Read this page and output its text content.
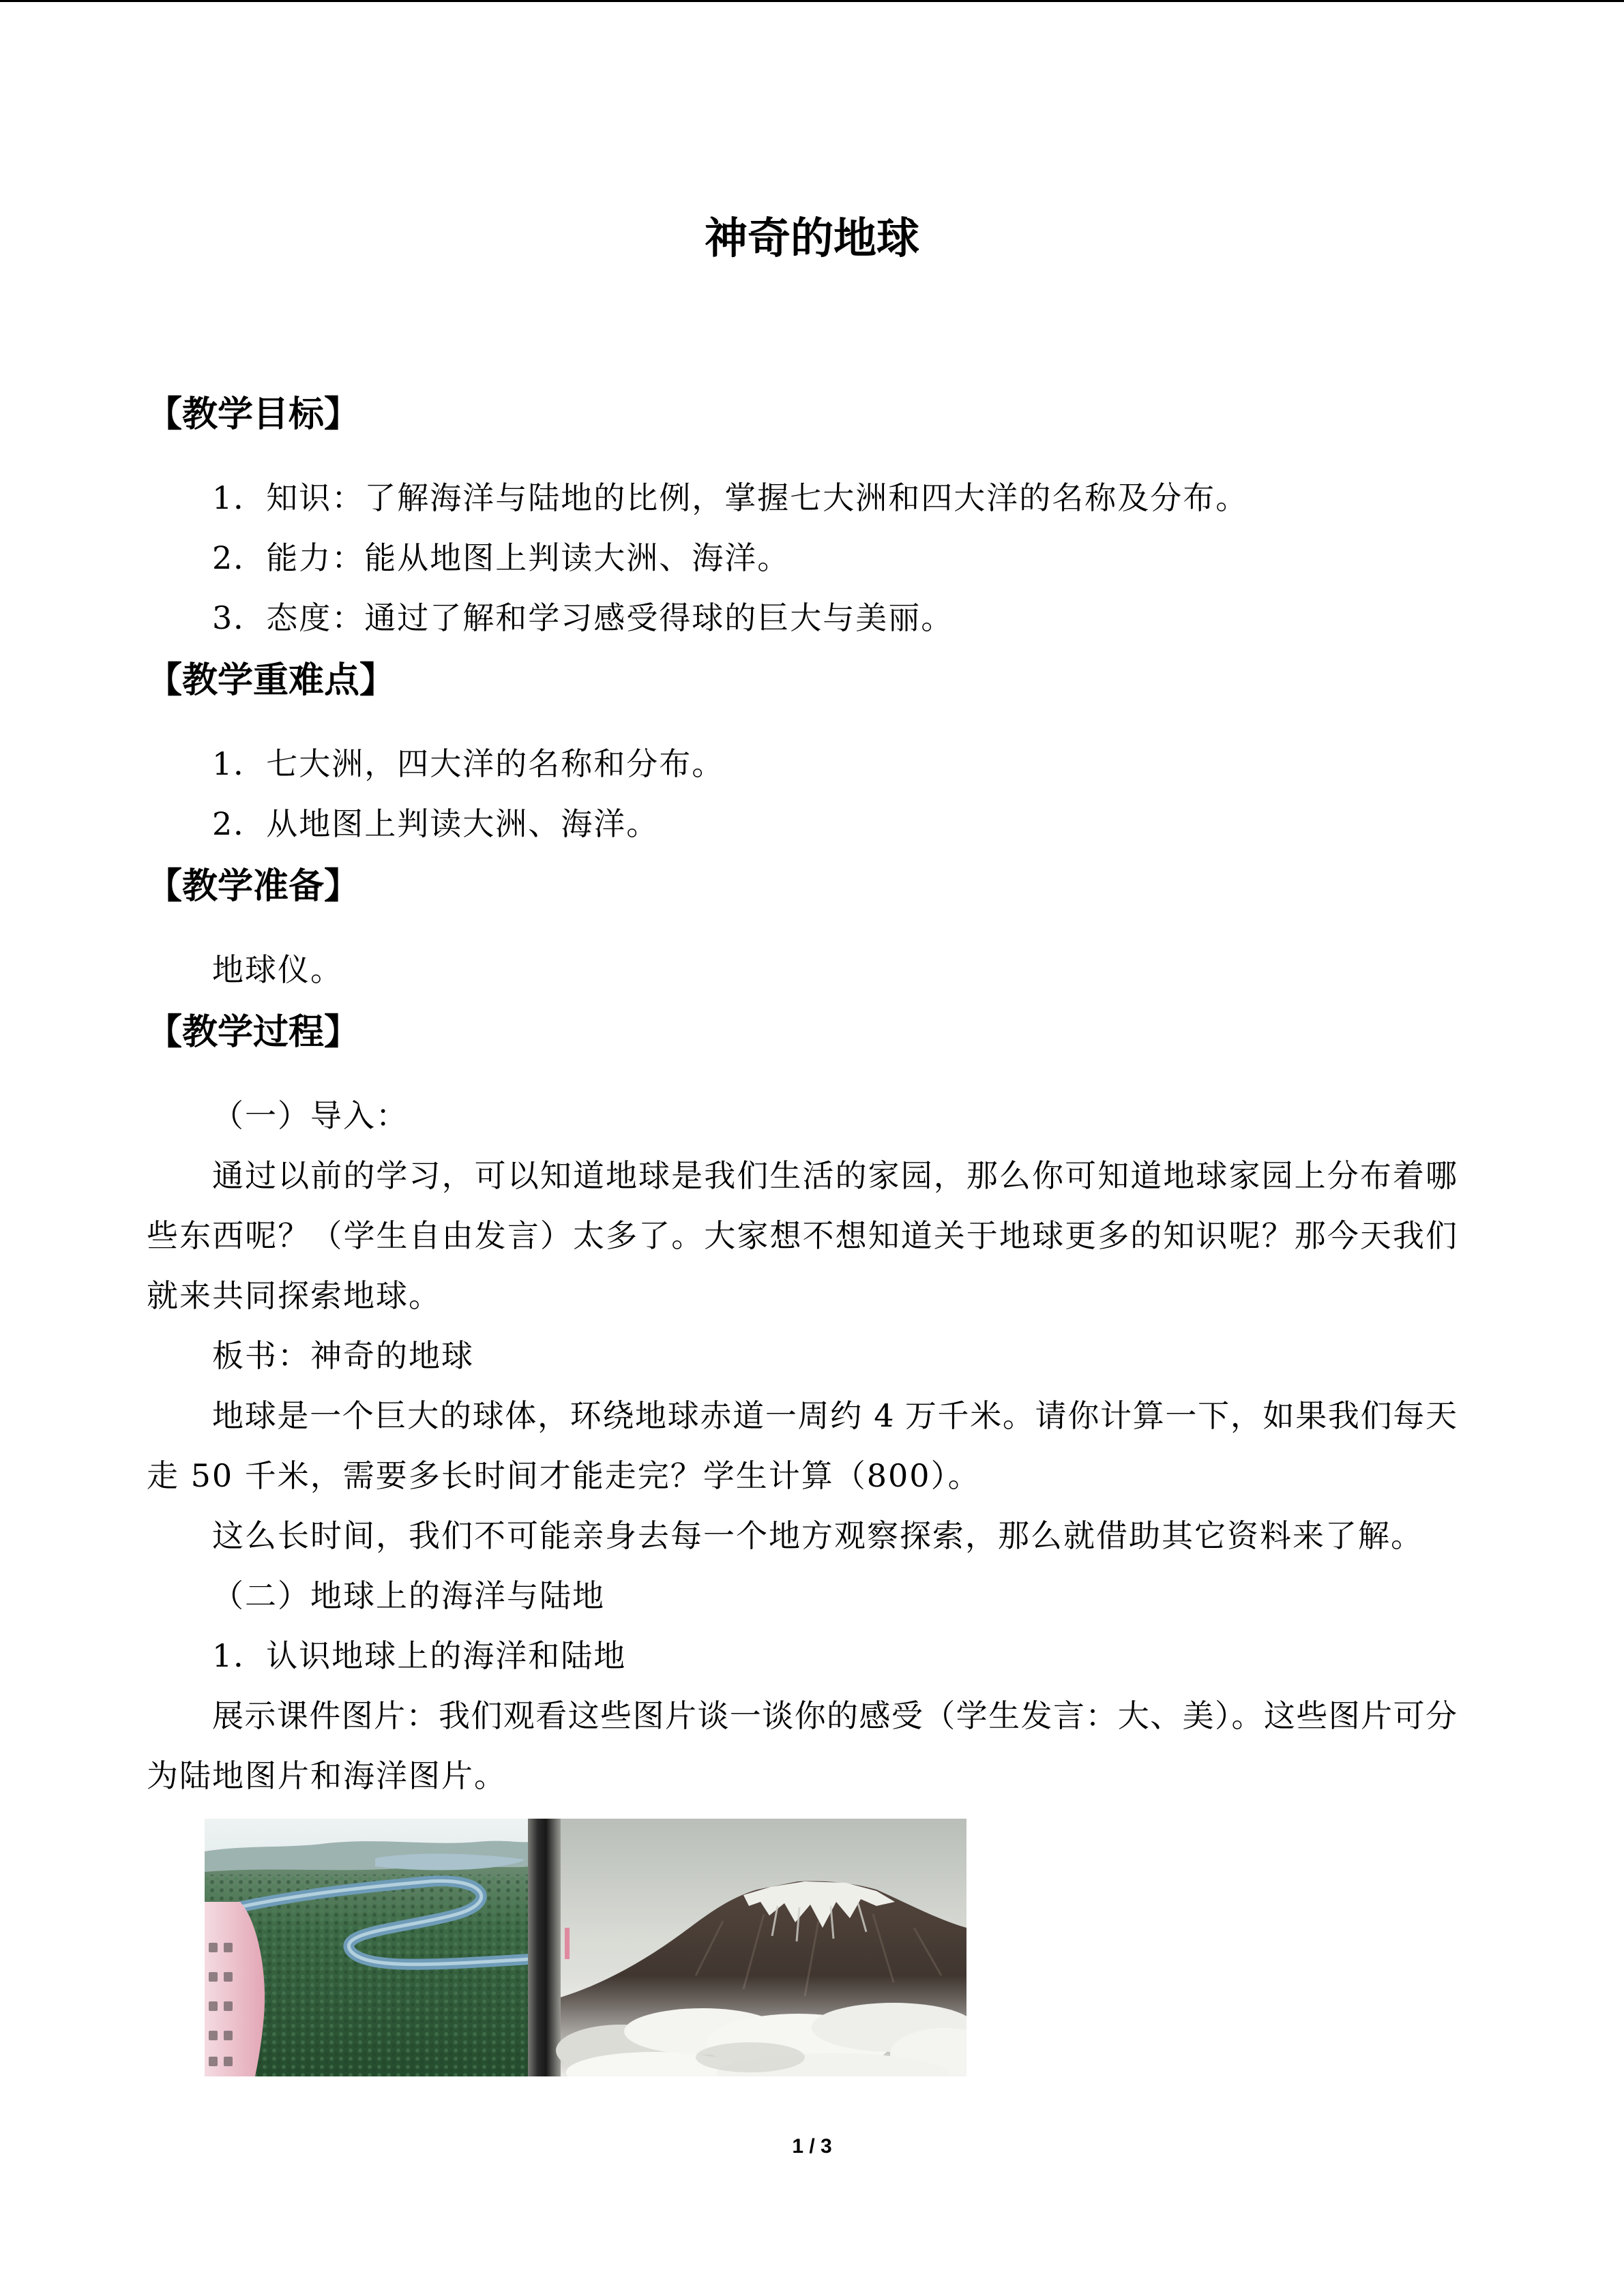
神奇的地球
【教学目标】
1．知识：了解海洋与陆地的比例，掌握七大洲和四大洋的名称及分布。
2．能力：能从地图上判读大洲、海洋。
3．态度：通过了解和学习感受得球的巨大与美丽。
【教学重难点】
1．七大洲，四大洋的名称和分布。
2．从地图上判读大洲、海洋。
【教学准备】
地球仪。
【教学过程】
（一）导入：
通过以前的学习，可以知道地球是我们生活的家园，那么你可知道地球家园上分布着哪
些东西呢？（学生自由发言）太多了。大家想不想知道关于地球更多的知识呢？那今天我们
就来共同探索地球。
板书：神奇的地球
地球是一个巨大的球体，环绕地球赤道一周约 4 万千米。请你计算一下，如果我们每天
走 50 千米，需要多长时间才能走完？学生计算（800）。
这么长时间，我们不可能亲身去每一个地方观察探索，那么就借助其它资料来了解。
（二）地球上的海洋与陆地
1．认识地球上的海洋和陆地
展示课件图片：我们观看这些图片谈一谈你的感受（学生发言：大、美）。这些图片可分
为陆地图片和海洋图片。
1 / 3
